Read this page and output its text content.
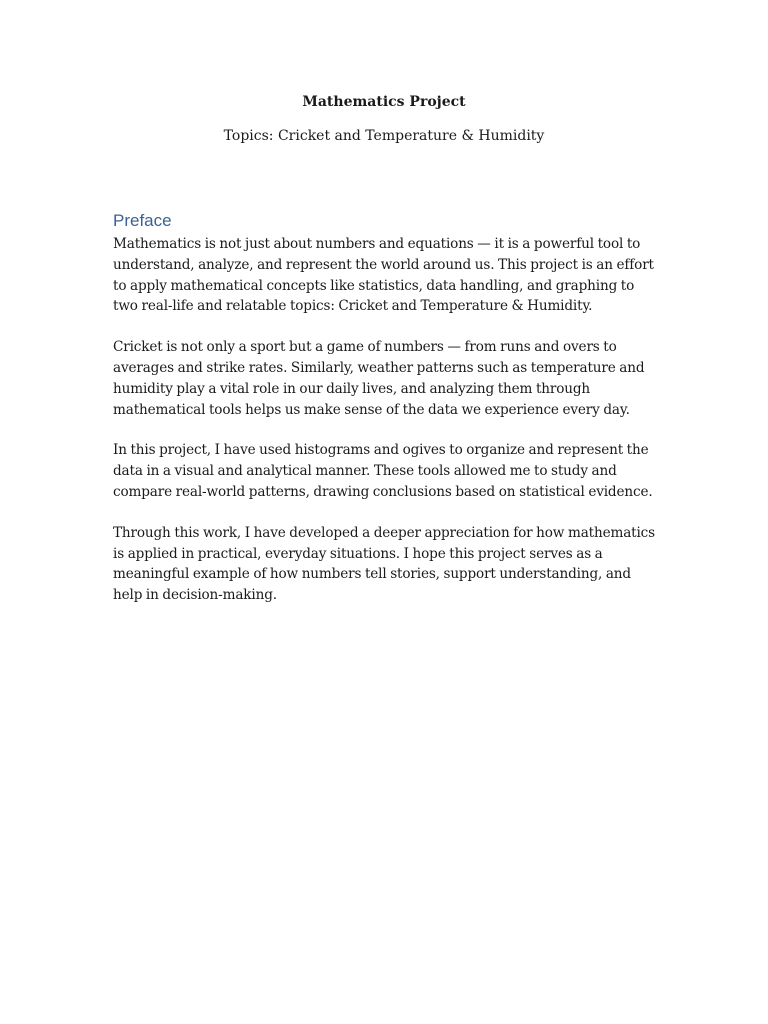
Mathematics Project

Topics: Cricket and Temperature & Humidity

Preface

Mathematics is not just about numbers and equations — it is a powerful tool to understand, analyze, and represent the world around us. This project is an effort to apply mathematical concepts like statistics, data handling, and graphing to two real-life and relatable topics: Cricket and Temperature & Humidity.

Cricket is not only a sport but a game of numbers — from runs and overs to averages and strike rates. Similarly, weather patterns such as temperature and humidity play a vital role in our daily lives, and analyzing them through mathematical tools helps us make sense of the data we experience every day.

In this project, I have used histograms and ogives to organize and represent the data in a visual and analytical manner. These tools allowed me to study and compare real-world patterns, drawing conclusions based on statistical evidence.

Through this work, I have developed a deeper appreciation for how mathematics is applied in practical, everyday situations. I hope this project serves as a meaningful example of how numbers tell stories, support understanding, and help in decision-making.
